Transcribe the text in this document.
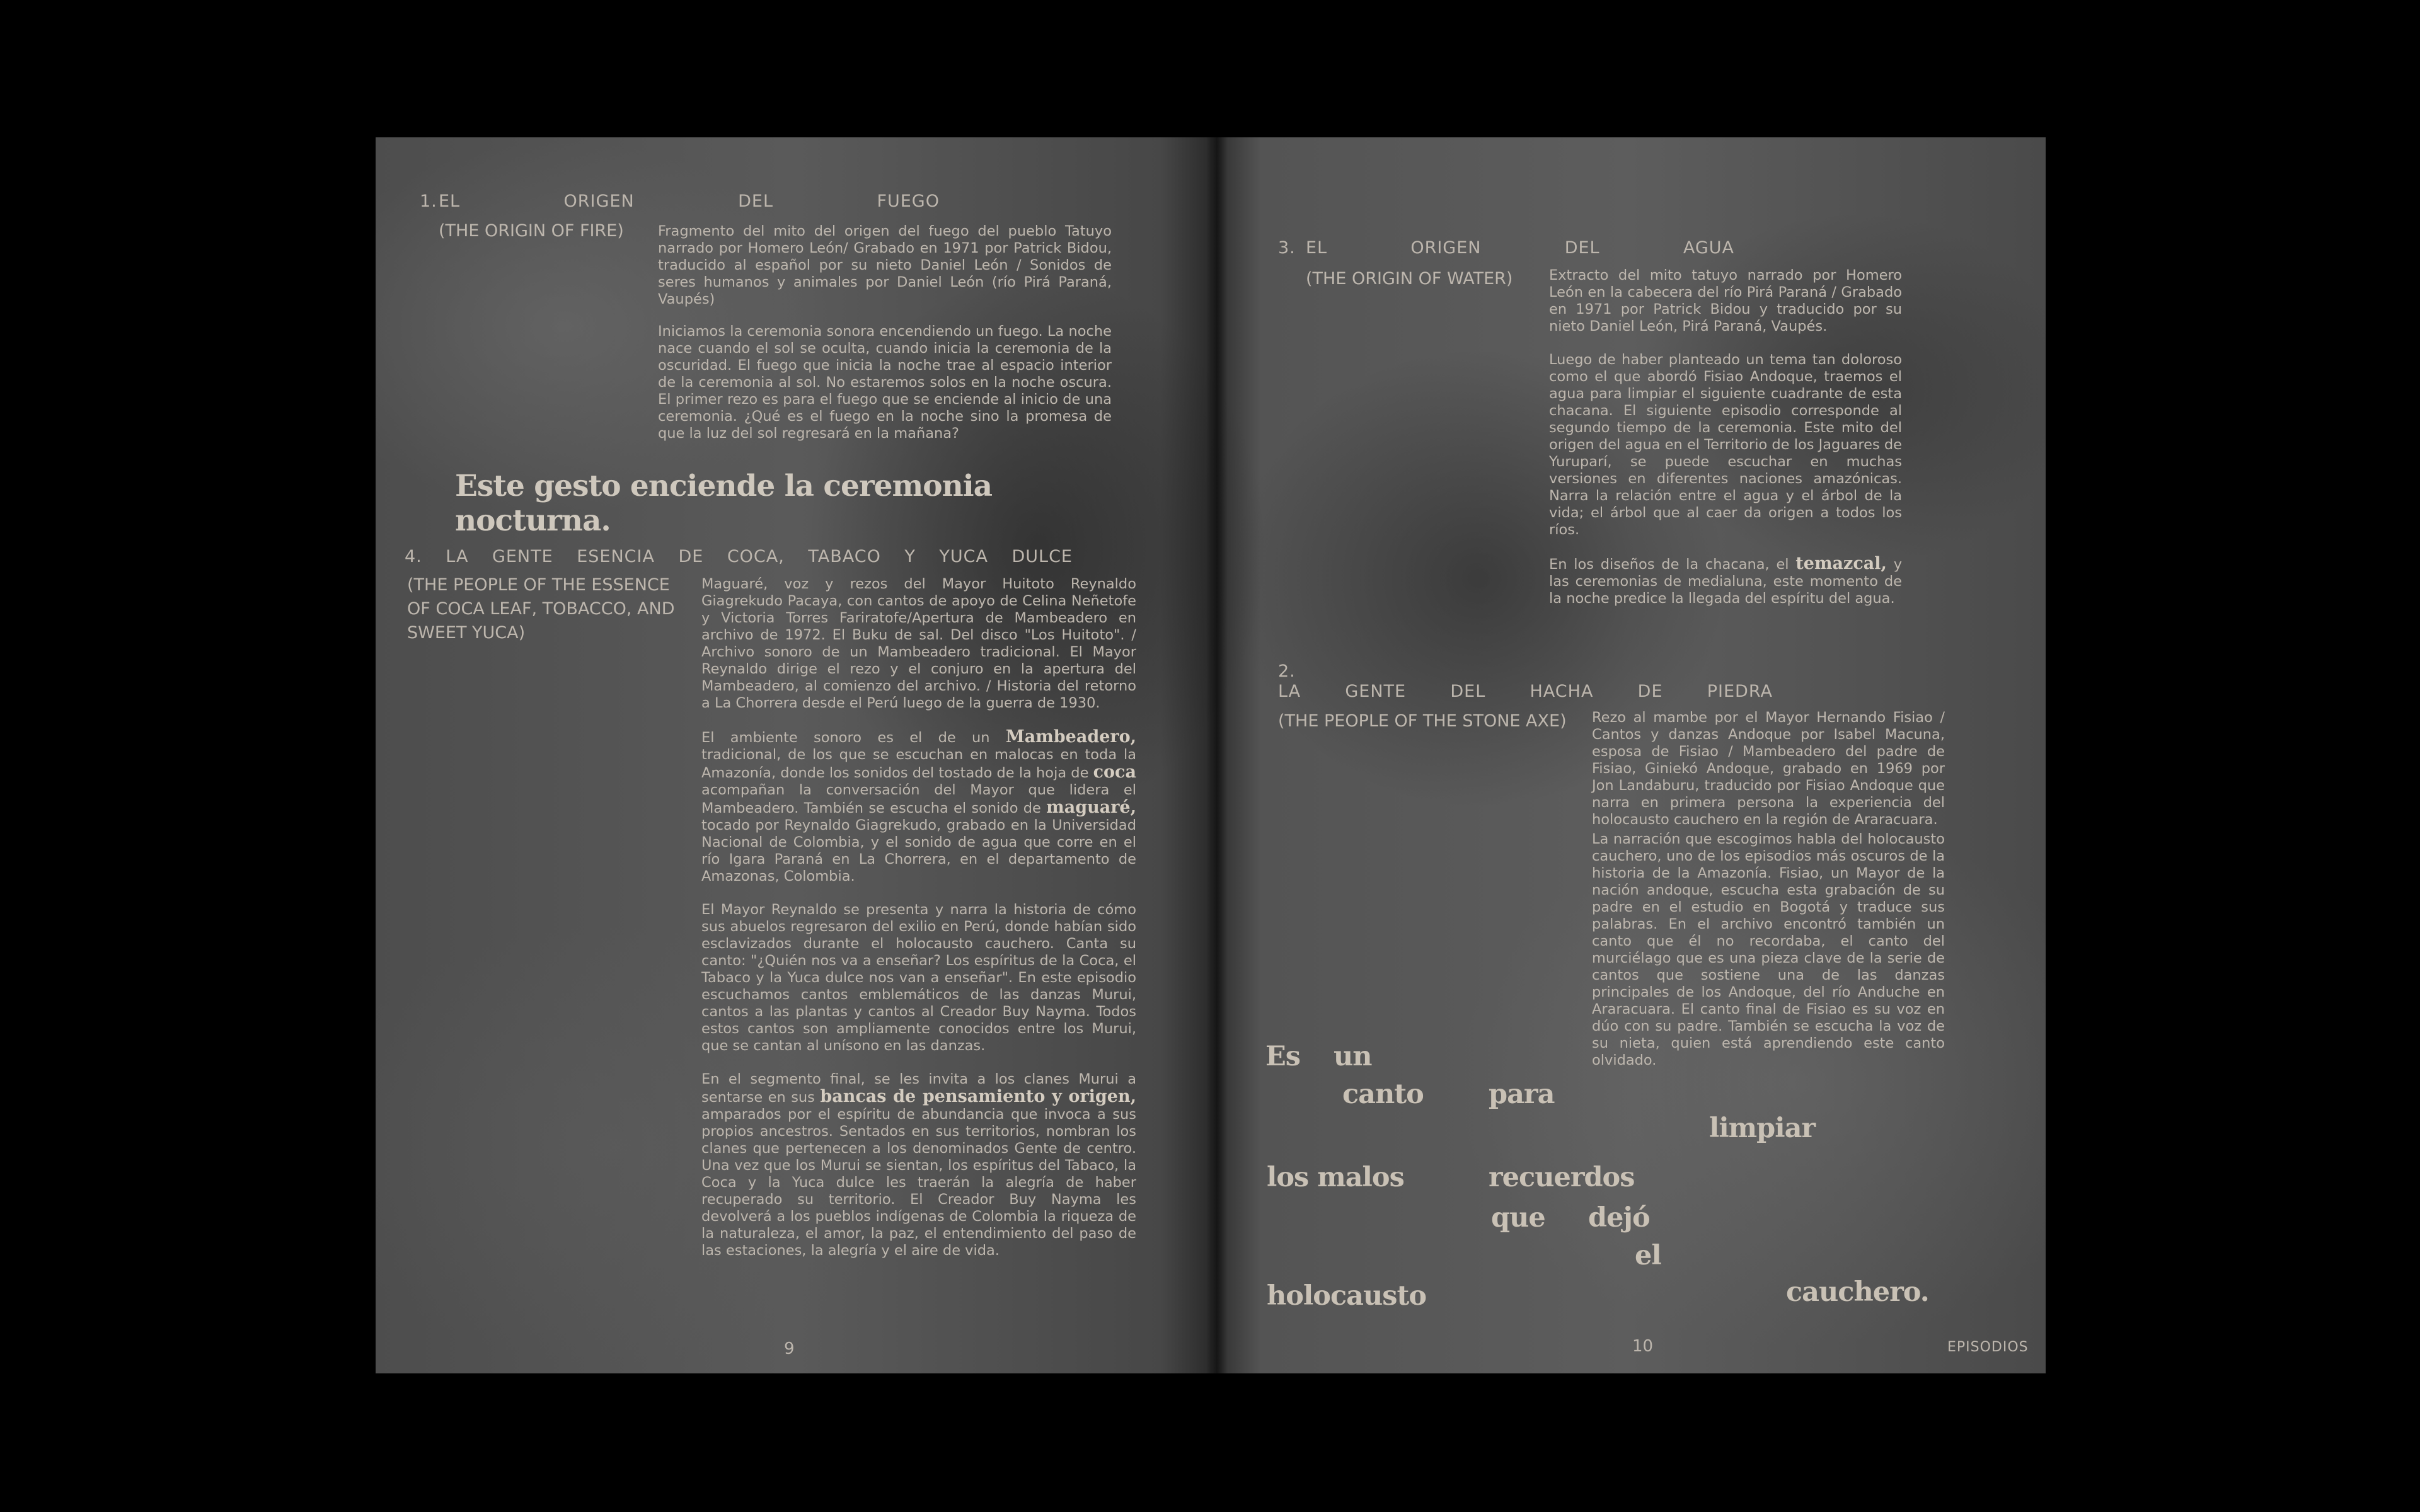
1. EL	ORIGEN	DEL	FUEGO
(THE ORIGIN OF FIRE)	Fragmento del mito del origen del fuego del pueblo Tatuyo narrado por Homero León/ Grabado en 1971 por Patrick Bidou, traducido al español por su nieto Daniel León / Sonidos de seres humanos y animales por Daniel León (río Pirá Paraná, Vaupés)
Iniciamos la ceremonia sonora encendiendo un fuego. La noche nace cuando el sol se oculta, cuando inicia la ceremonia de la oscuridad. El fuego que inicia la noche trae al espacio interior de la ceremonia al sol. No estaremos solos en la noche oscura. El primer rezo es para el fuego que se enciende al inicio de una ceremonia. ¿Qué es el fuego en la noche sino la promesa de que la luz del sol regresará en la mañana?
Este gesto enciende la ceremonia nocturna.
4. LA GENTE ESENCIA DE COCA, TABACO Y YUCA DULCE
(THE PEOPLE OF THE ESSENCE OF COCA LEAF, TOBACCO, AND SWEET YUCA)

Maguaré, voz y rezos del Mayor Huitoto Reynaldo Giagrekudo Pacaya, con cantos de apoyo de Celina Neñetofe y Victoria Torres Fariratofe/Apertura de Mambeadero en archivo de 1972. El Buku de sal. Del disco "Los Huitoto". / Archivo sonoro de un Mambeadero tradicional. El Mayor Reynaldo dirige el rezo y el conjuro en la apertura del Mambeadero, al comienzo del archivo. / Historia del retorno a La Chorrera desde el Perú luego de la guerra de 1930.

El ambiente sonoro es el de un Mambeadero, tradicional, de los que se escuchan en malocas en toda la Amazonía, donde los sonidos del tostado de la hoja de coca acompañan la conversación del Mayor que lidera el Mambeadero. También se escucha el sonido de maguaré, tocado por Reynaldo Giagrekudo, grabado en la Universidad Nacional de Colombia, y el sonido de agua que corre en el río Igara Paraná en La Chorrera, en el departamento de Amazonas, Colombia.

El Mayor Reynaldo se presenta y narra la historia de cómo sus abuelos regresaron del exilio en Perú, donde habían sido esclavizados durante el holocausto cauchero. Canta su canto: "¿Quién nos va a enseñar? Los espíritus de la Coca, el Tabaco y la Yuca dulce nos van a enseñar". En este episodio escuchamos cantos emblemáticos de las danzas Murui, cantos a las plantas y cantos al Creador Buy Nayma. Todos estos cantos son ampliamente conocidos entre los Murui, que se cantan al unísono en las danzas.

En el segmento final, se les invita a los clanes Murui a sentarse en sus bancas de pensamiento y origen, amparados por el espíritu de abundancia que invoca a sus propios ancestros. Sentados en sus territorios, nombran los clanes que pertenecen a los denominados Gente de centro. Una vez que los Murui se sientan, los espíritus del Tabaco, la Coca y la Yuca dulce les traerán la alegría de haber recuperado su territorio. El Creador Buy Nayma les devolverá a los pueblos indígenas de Colombia la riqueza de la naturaleza, el amor, la paz, el entendimiento del paso de las estaciones, la alegría y el aire de vida.

9
3. EL	ORIGEN	DEL	AGUA
(THE ORIGIN OF WATER)	Extracto del mito tatuyo narrado por Homero León en la cabecera del río Pirá Paraná / Grabado en 1971 por Patrick Bidou y traducido por su nieto Daniel León, Pirá Paraná, Vaupés.

Luego de haber planteado un tema tan doloroso como el que abordó Fisiao Andoque, traemos el agua para limpiar el siguiente cuadrante de esta chacana. El siguiente episodio corresponde al segundo tiempo de la ceremonia. Este mito del origen del agua en el Territorio de los Jaguares de Yuruparí, se puede escuchar en muchas versiones en diferentes naciones amazónicas. Narra la relación entre el agua y el árbol de la vida; el árbol que al caer da origen a todos los ríos.

En los diseños de la chacana, el temazcal, y las ceremonias de medialuna, este momento de la noche predice la llegada del espíritu del agua.

2.
LA	GENTE	DEL	HACHA	DE	PIEDRA
(THE PEOPLE OF THE STONE AXE)	Rezo al mambe por el Mayor Hernando Fisiao / Cantos y danzas Andoque por Isabel Macuna, esposa de Fisiao / Mambeadero del padre de Fisiao, Giniekó Andoque, grabado en 1969 por Jon Landaburu, traducido por Fisiao Andoque que narra en primera persona la experiencia del holocausto cauchero en la región de Araracuara.

La narración que escogimos habla del holocausto cauchero, uno de los episodios más oscuros de la historia de la Amazonía. Fisiao, un Mayor de la nación andoque, escucha esta grabación de su padre en el estudio en Bogotá y traduce sus palabras. En el archivo encontró también un canto que él no recordaba, el canto del murciélago que es una pieza clave de la serie de cantos que sostiene una de las danzas principales de los Andoque, del río Anduche en Araracuara. El canto final de Fisiao es su voz en dúo con su padre. También se escucha la voz de su nieta, quien está aprendiendo este canto olvidado.

Es un
canto para
limpiar
los malos	recuerdos
que dejó
el
holocausto	cauchero.
10	EPISODIOS
